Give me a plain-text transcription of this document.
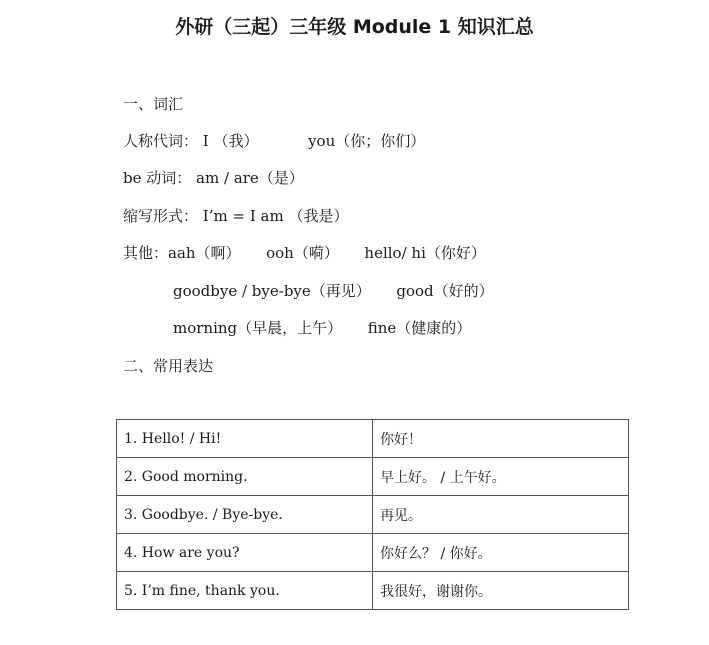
外研（三起）三年级 Module 1 知识汇总
一、词汇
人称代词： I （我）	you（你；你们）
be 动词： am / are（是）
缩写形式： I’m = I am （我是）
其他：aah（啊） ooh（嗬） hello/ hi（你好）
goodbye / bye-bye（再见） good（好的）
morning（早晨，上午） fine（健康的）
二、常用表达
1. Hello! / Hi!	你好！
2. Good morning.	早上好。 / 上午好。
3. Goodbye. / Bye-bye.	再见。
4. How are you?	你好么？ / 你好。
5. I’m fine, thank you.	我很好，谢谢你。
